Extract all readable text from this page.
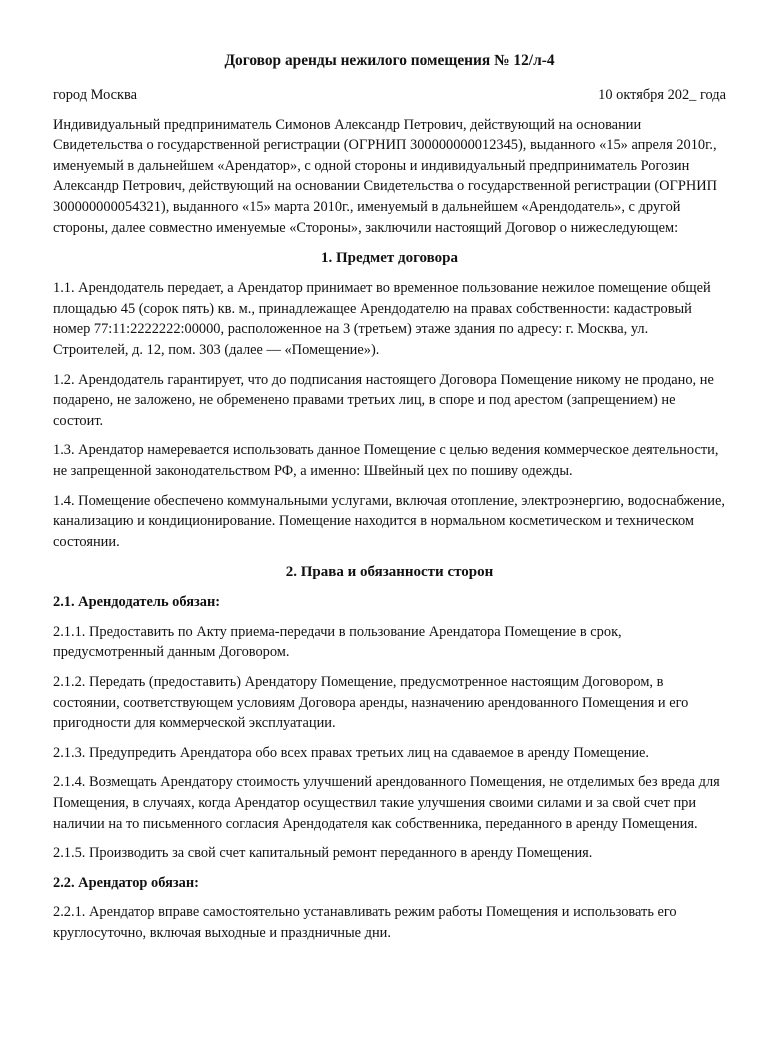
Договор аренды нежилого помещения № 12/л-4
город Москва	10 октября 202_ года

Индивидуальный предприниматель Симонов Александр Петрович, действующий на основании Свидетельства о государственной регистрации (ОГРНИП 300000000012345), выданного «15» апреля 2010г., именуемый в дальнейшем «Арендатор», с одной стороны и индивидуальный предприниматель Рогозин Александр Петрович, действующий на основании Свидетельства о государственной регистрации (ОГРНИП 300000000054321), выданного «15» марта 2010г., именуемый в дальнейшем «Арендодатель», с другой стороны, далее совместно именуемые «Стороны», заключили настоящий Договор о нижеследующем:

1. Предмет договора

1.1. Арендодатель передает, а Арендатор принимает во временное пользование нежилое помещение общей площадью 45 (сорок пять) кв. м., принадлежащее Арендодателю на правах собственности: кадастровый номер 77:11:2222222:00000, расположенное на 3 (третьем) этаже здания по адресу: г. Москва, ул. Строителей, д. 12, пом. 303 (далее — «Помещение»).

1.2. Арендодатель гарантирует, что до подписания настоящего Договора Помещение никому не продано, не подарено, не заложено, не обременено правами третьих лиц, в споре и под арестом (запрещением) не состоит.

1.3. Арендатор намеревается использовать данное Помещение с целью ведения коммерческое деятельности, не запрещенной законодательством РФ, а именно: Швейный цех по пошиву одежды.

1.4. Помещение обеспечено коммунальными услугами, включая отопление, электроэнергию, водоснабжение, канализацию и кондиционирование. Помещение находится в нормальном косметическом и техническом состоянии.

2. Права и обязанности сторон
2.1. Арендодатель обязан:

2.1.1. Предоставить по Акту приема-передачи в пользование Арендатора Помещение в срок, предусмотренный данным Договором.

2.1.2. Передать (предоставить) Арендатору Помещение, предусмотренное настоящим Договором, в состоянии, соответствующем условиям Договора аренды, назначению арендованного Помещения и его пригодности для коммерческой эксплуатации.

2.1.3. Предупредить Арендатора обо всех правах третьих лиц на сдаваемое в аренду Помещение.

2.1.4. Возмещать Арендатору стоимость улучшений арендованного Помещения, не отделимых без вреда для Помещения, в случаях, когда Арендатор осуществил такие улучшения своими силами и за свой счет при наличии на то письменного согласия Арендодателя как собственника, переданного в аренду Помещения.

2.1.5. Производить за свой счет капитальный ремонт переданного в аренду Помещения.

2.2. Арендатор обязан:

2.2.1. Арендатор вправе самостоятельно устанавливать режим работы Помещения и использовать его круглосуточно, включая выходные и праздничные дни.
